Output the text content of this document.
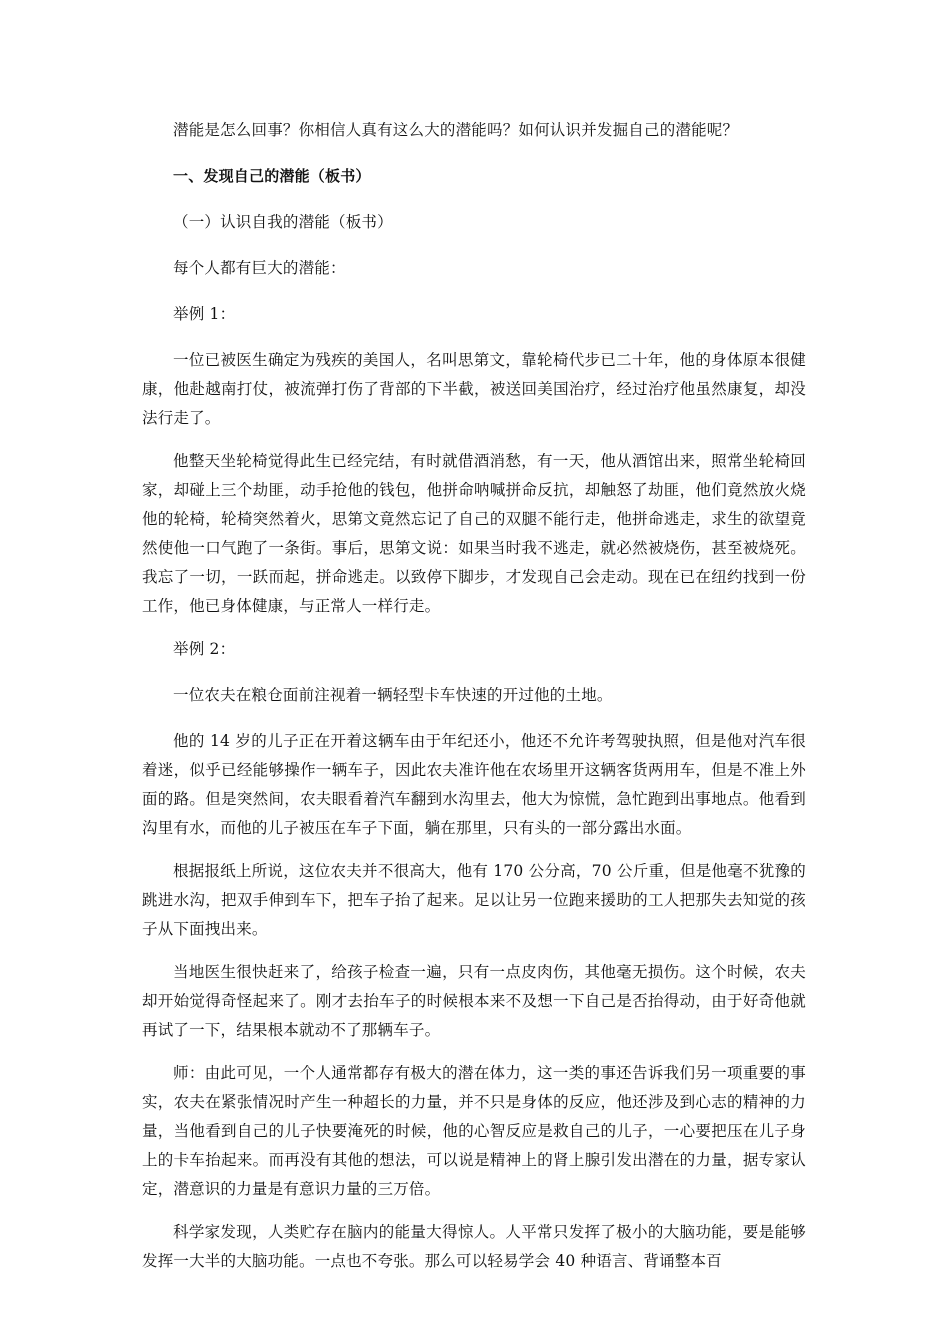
潜能是怎么回事？你相信人真有这么大的潜能吗？如何认识并发掘自己的潜能呢？

一、发现自己的潜能（板书）

（一）认识自我的潜能（板书）

每个人都有巨大的潜能：

举例 1：

一位已被医生确定为残疾的美国人，名叫思第文，靠轮椅代步已二十年，他的身体原本很健康，他赴越南打仗，被流弹打伤了背部的下半截，被送回美国治疗，经过治疗他虽然康复，却没法行走了。

他整天坐轮椅觉得此生已经完结，有时就借酒消愁，有一天，他从酒馆出来，照常坐轮椅回家，却碰上三个劫匪，动手抢他的钱包，他拼命呐喊拼命反抗，却触怒了劫匪，他们竟然放火烧他的轮椅，轮椅突然着火，思第文竟然忘记了自己的双腿不能行走，他拼命逃走，求生的欲望竟然使他一口气跑了一条街。事后，思第文说：如果当时我不逃走，就必然被烧伤，甚至被烧死。我忘了一切，一跃而起，拼命逃走。以致停下脚步，才发现自己会走动。现在已在纽约找到一份工作，他已身体健康，与正常人一样行走。

举例 2：

一位农夫在粮仓面前注视着一辆轻型卡车快速的开过他的土地。

他的 14 岁的儿子正在开着这辆车由于年纪还小，他还不允许考驾驶执照，但是他对汽车很着迷，似乎已经能够操作一辆车子，因此农夫准许他在农场里开这辆客货两用车，但是不准上外面的路。但是突然间，农夫眼看着汽车翻到水沟里去，他大为惊慌，急忙跑到出事地点。他看到沟里有水，而他的儿子被压在车子下面，躺在那里，只有头的一部分露出水面。

根据报纸上所说，这位农夫并不很高大，他有 170 公分高，70 公斤重，但是他毫不犹豫的跳进水沟，把双手伸到车下，把车子抬了起来。足以让另一位跑来援助的工人把那失去知觉的孩子从下面拽出来。

当地医生很快赶来了，给孩子检查一遍，只有一点皮肉伤，其他毫无损伤。这个时候，农夫却开始觉得奇怪起来了。刚才去抬车子的时候根本来不及想一下自己是否抬得动，由于好奇他就再试了一下，结果根本就动不了那辆车子。

师：由此可见，一个人通常都存有极大的潜在体力，这一类的事还告诉我们另一项重要的事实，农夫在紧张情况时产生一种超长的力量，并不只是身体的反应，他还涉及到心志的精神的力量，当他看到自己的儿子快要淹死的时候，他的心智反应是救自己的儿子，一心要把压在儿子身上的卡车抬起来。而再没有其他的想法，可以说是精神上的肾上腺引发出潜在的力量，据专家认定，潜意识的力量是有意识力量的三万倍。

科学家发现，人类贮存在脑内的能量大得惊人。人平常只发挥了极小的大脑功能，要是能够发挥一大半的大脑功能。一点也不夸张。那么可以轻易学会 40 种语言、背诵整本百
